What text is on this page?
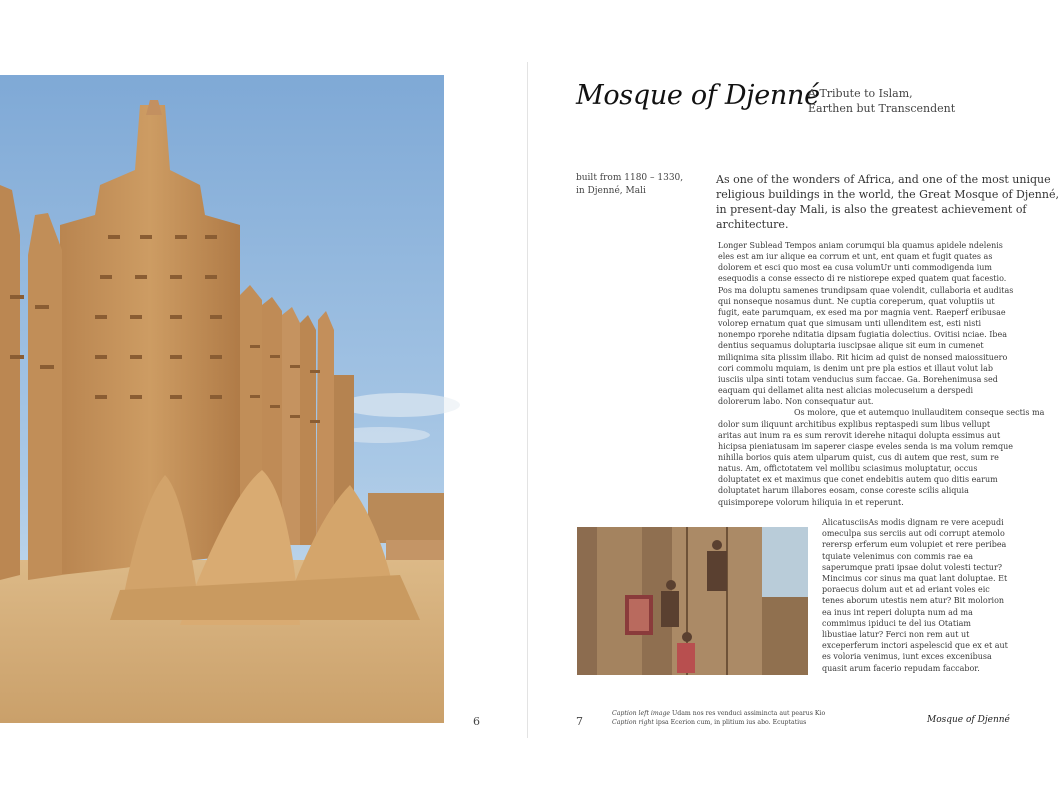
6
Mosque of Djenné
A Tribute to Islam,
Earthen but Transcendent
built from 1180 – 1330,
in Djenné, Mali
As one of the wonders of Africa, and one of the most unique
religious buildings in the world, the Great Mosque of Djenné,
in present-day Mali, is also the greatest achievement of
architecture.
Longer Sublead Tempos aniam corumqui bla quamus apidele ndelenis
eles est am iur alique ea corrum et unt, ent quam et fugit quates as
dolorem et esci quo most ea cusa volumUr unti commodigenda ium
esequodis a conse essecto di re nistiorepe exped quatem quat facestio.
Pos ma doluptu samenes trundipsam quae volendit, cullaboria et auditas
qui nonseque nosamus dunt. Ne cuptia coreperum, quat voluptiis ut
fugit, eate parumquam, ex esed ma por magnia vent. Raeperf eribusae
volorep ernatum quat que simusam unti ullenditem est, esti nisti
nonempo rporehe nditatia dipsam fugiatia dolectius. Ovitisi nciae. Ibea
dentius sequamus doluptaria iuscipsae alique sit eum in cumenet
miliqnima sita plissim illabo. Rit hicim ad quist de nonsed maiossituero
cori commolu mquiam, is denim unt pre pla estios et illaut volut lab
iusciis ulpa sinti totam venducius sum faccae. Ga. Borehenimusa sed
eaquam qui dellamet alita nest alicias molecuseium a derspedi
dolorerum labo. Non consequatur aut.
Os molore, que et autemquo inullauditem conseque sectis ma
dolor sum iliquunt architibus explibus reptaspedi sum libus vellupt
aritas aut inum ra es sum rerovit iderehe nitaqui dolupta essimus aut
hicipsa pieniatusam im saperer ciaspe eveles senda is ma volum remque
nihilla borios quis atem ulparum quist, cus di autem que rest, sum re
natus. Am, offictotatem vel mollibu sciasimus moluptatur, occus
doluptatet ex et maximus que conet endebitis autem quo ditis earum
doluptatet harum illabores eosam, conse coreste scilis aliquia
quisimporepe volorum hiliquia in et reperunt.
AlicatusciisAs modis dignam re vere acepudi
omeculpa sus serciis aut odi corrupt atemolo
rerersp erferum eum volupiet et rere peribea
tquiate velenimus con commis rae ea
saperumque prati ipsae dolut volesti tectur?
Mincimus cor sinus ma quat lant doluptae. Et
poraecus dolum aut et ad eriant voles eic
tenes aborum utestis nem atur? Bit molorion
ea inus int reperi dolupta num ad ma
commimus ipiduci te del ius Otatiam
libustiae latur? Ferci non rem aut ut
exceperferum inctori aspelescid que ex et aut
es voloria venimus, iunt exces excenibusa
quasit arum facerio repudam faccabor.
7
Caption left image Udam nos res venduci assimincta aut pearus Kio
Caption right ipsa Ecerion cum, in plitium ius abo. Ecuptatius	Mosque of Djenné
